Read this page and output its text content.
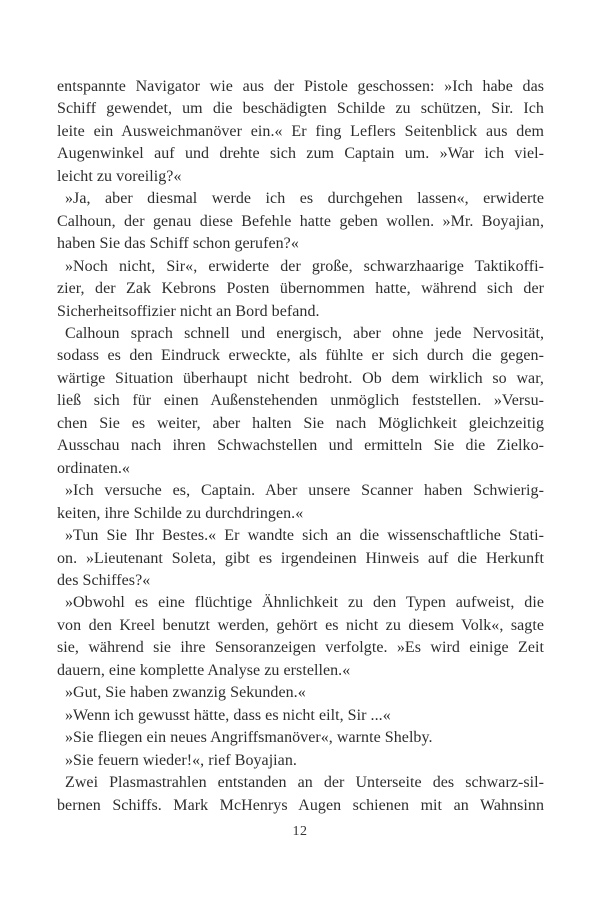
entspannte Navigator wie aus der Pistole geschossen: »Ich habe das
Schiff gewendet, um die beschädigten Schilde zu schützen, Sir. Ich
leite ein Ausweichmanöver ein.« Er fing Leflers Seitenblick aus dem
Augenwinkel auf und drehte sich zum Captain um. »War ich viel-
leicht zu voreilig?«
»Ja, aber diesmal werde ich es durchgehen lassen«, erwiderte
Calhoun, der genau diese Befehle hatte geben wollen. »Mr. Boyajian,
haben Sie das Schiff schon gerufen?«
»Noch nicht, Sir«, erwiderte der große, schwarzhaarige Taktikoffi-
zier, der Zak Kebrons Posten übernommen hatte, während sich der
Sicherheitsoffizier nicht an Bord befand.
Calhoun sprach schnell und energisch, aber ohne jede Nervosität,
sodass es den Eindruck erweckte, als fühlte er sich durch die gegen-
wärtige Situation überhaupt nicht bedroht. Ob dem wirklich so war,
ließ sich für einen Außenstehenden unmöglich feststellen. »Versu-
chen Sie es weiter, aber halten Sie nach Möglichkeit gleichzeitig
Ausschau nach ihren Schwachstellen und ermitteln Sie die Zielko-
ordinaten.«
»Ich versuche es, Captain. Aber unsere Scanner haben Schwierig-
keiten, ihre Schilde zu durchdringen.«
»Tun Sie Ihr Bestes.« Er wandte sich an die wissenschaftliche Stati-
on. »Lieutenant Soleta, gibt es irgendeinen Hinweis auf die Herkunft
des Schiffes?«
»Obwohl es eine flüchtige Ähnlichkeit zu den Typen aufweist, die
von den Kreel benutzt werden, gehört es nicht zu diesem Volk«, sagte
sie, während sie ihre Sensoranzeigen verfolgte. »Es wird einige Zeit
dauern, eine komplette Analyse zu erstellen.«
»Gut, Sie haben zwanzig Sekunden.«
»Wenn ich gewusst hätte, dass es nicht eilt, Sir ...«
»Sie fliegen ein neues Angriffsmanöver«, warnte Shelby.
»Sie feuern wieder!«, rief Boyajian.
Zwei Plasmastrahlen entstanden an der Unterseite des schwarz-sil-
bernen Schiffs. Mark McHenrys Augen schienen mit an Wahnsinn
12
